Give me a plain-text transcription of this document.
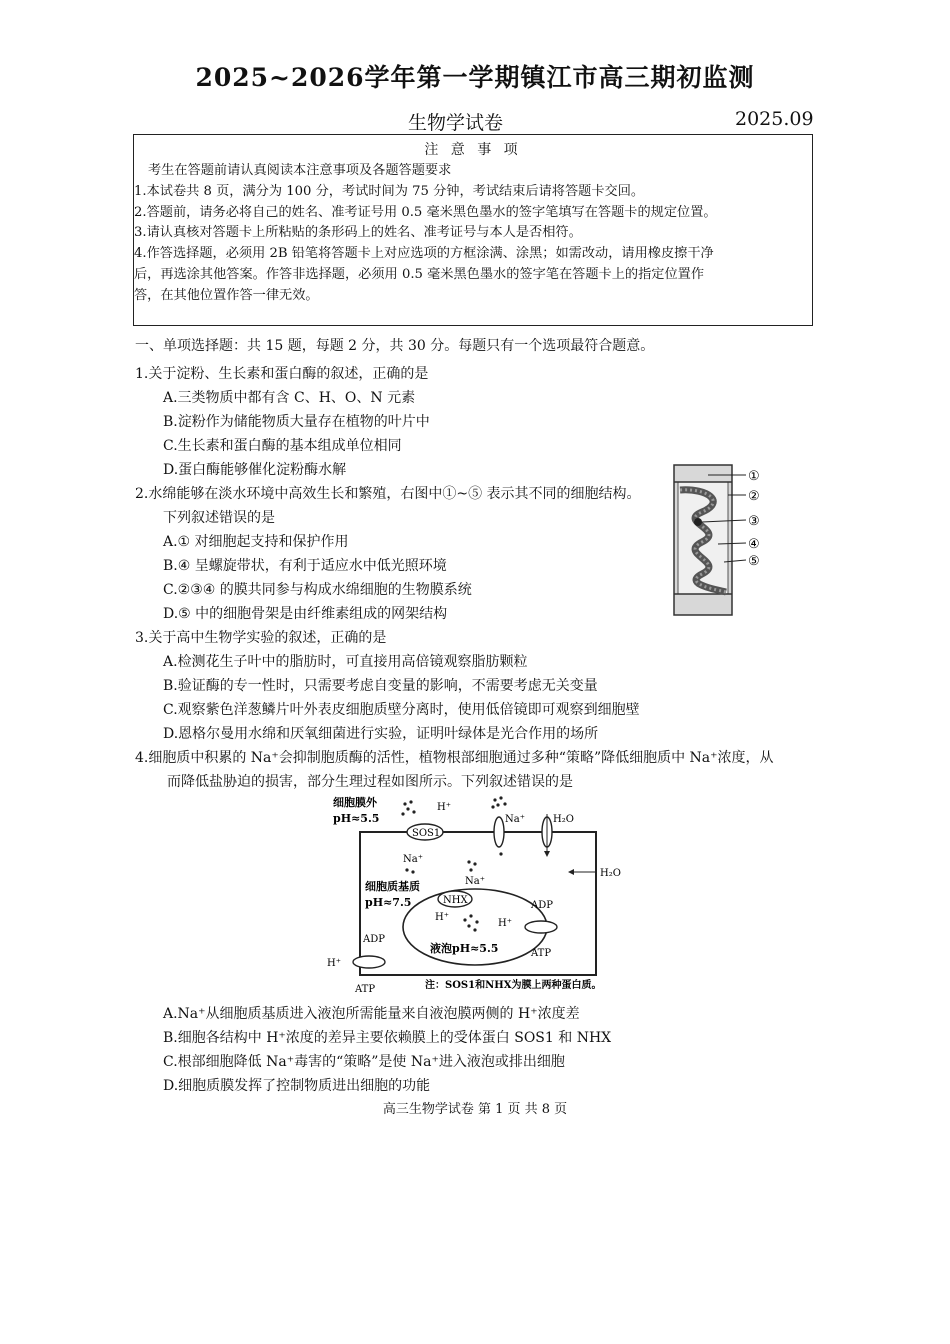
2025~2026学年第一学期镇江市高三期初监测
生物学试卷	2025.09
注 意 事 项
考生在答题前请认真阅读本注意事项及各题答题要求
1.本试卷共 8 页，满分为 100 分，考试时间为 75 分钟，考试结束后请将答题卡交回。
2.答题前，请务必将自己的姓名、准考证号用 0.5 毫米黑色墨水的签字笔填写在答题卡的规定位置。
3.请认真核对答题卡上所粘贴的条形码上的姓名、准考证号与本人是否相符。
4.作答选择题，必须用 2B 铅笔将答题卡上对应选项的方框涂满、涂黑；如需改动，请用橡皮擦干净
后，再选涂其他答案。作答非选择题，必须用 0.5 毫米黑色墨水的签字笔在答题卡上的指定位置作
答，在其他位置作答一律无效。
一、单项选择题：共 15 题，每题 2 分，共 30 分。每题只有一个选项最符合题意。
1.关于淀粉、生长素和蛋白酶的叙述，正确的是
A.三类物质中都有含 C、H、O、N 元素
B.淀粉作为储能物质大量存在植物的叶片中
C.生长素和蛋白酶的基本组成单位相同
D.蛋白酶能够催化淀粉酶水解
2.水绵能够在淡水环境中高效生长和繁殖，右图中①~⑤ 表示其不同的细胞结构。
下列叙述错误的是
A.① 对细胞起支持和保护作用
B.④ 呈螺旋带状，有利于适应水中低光照环境
C.②③④ 的膜共同参与构成水绵细胞的生物膜系统
D.⑤ 中的细胞骨架是由纤维素组成的网架结构
①
②
③
④
⑤
3.关于高中生物学实验的叙述，正确的是
A.检测花生子叶中的脂肪时，可直接用高倍镜观察脂肪颗粒
B.验证酶的专一性时，只需要考虑自变量的影响，不需要考虑无关变量
C.观察紫色洋葱鳞片叶外表皮细胞质壁分离时，使用低倍镜即可观察到细胞壁
D.恩格尔曼用水绵和厌氧细菌进行实验，证明叶绿体是光合作用的场所
4.细胞质中积累的 Na⁺会抑制胞质酶的活性，植物根部细胞通过多种“策略”降低细胞质中 Na⁺浓度，从
而降低盐胁迫的损害，部分生理过程如图所示。下列叙述错误的是
细胞膜外
pH≈5.5
细胞质基质
pH≈7.5
液泡pH≈5.5
SOS1
H⁺
Na⁺
Na⁺	H₂O
H₂O
NHX
H⁺
Na⁺
ADP
ATP
H⁺
ADP
ATP
H⁺
注：SOS1和NHX为膜上两种蛋白质。
A.Na⁺从细胞质基质进入液泡所需能量来自液泡膜两侧的 H⁺浓度差
B.细胞各结构中 H⁺浓度的差异主要依赖膜上的受体蛋白 SOS1 和 NHX
C.根部细胞降低 Na⁺毒害的“策略”是使 Na⁺进入液泡或排出细胞
D.细胞质膜发挥了控制物质进出细胞的功能
高三生物学试卷 第 1 页 共 8 页
